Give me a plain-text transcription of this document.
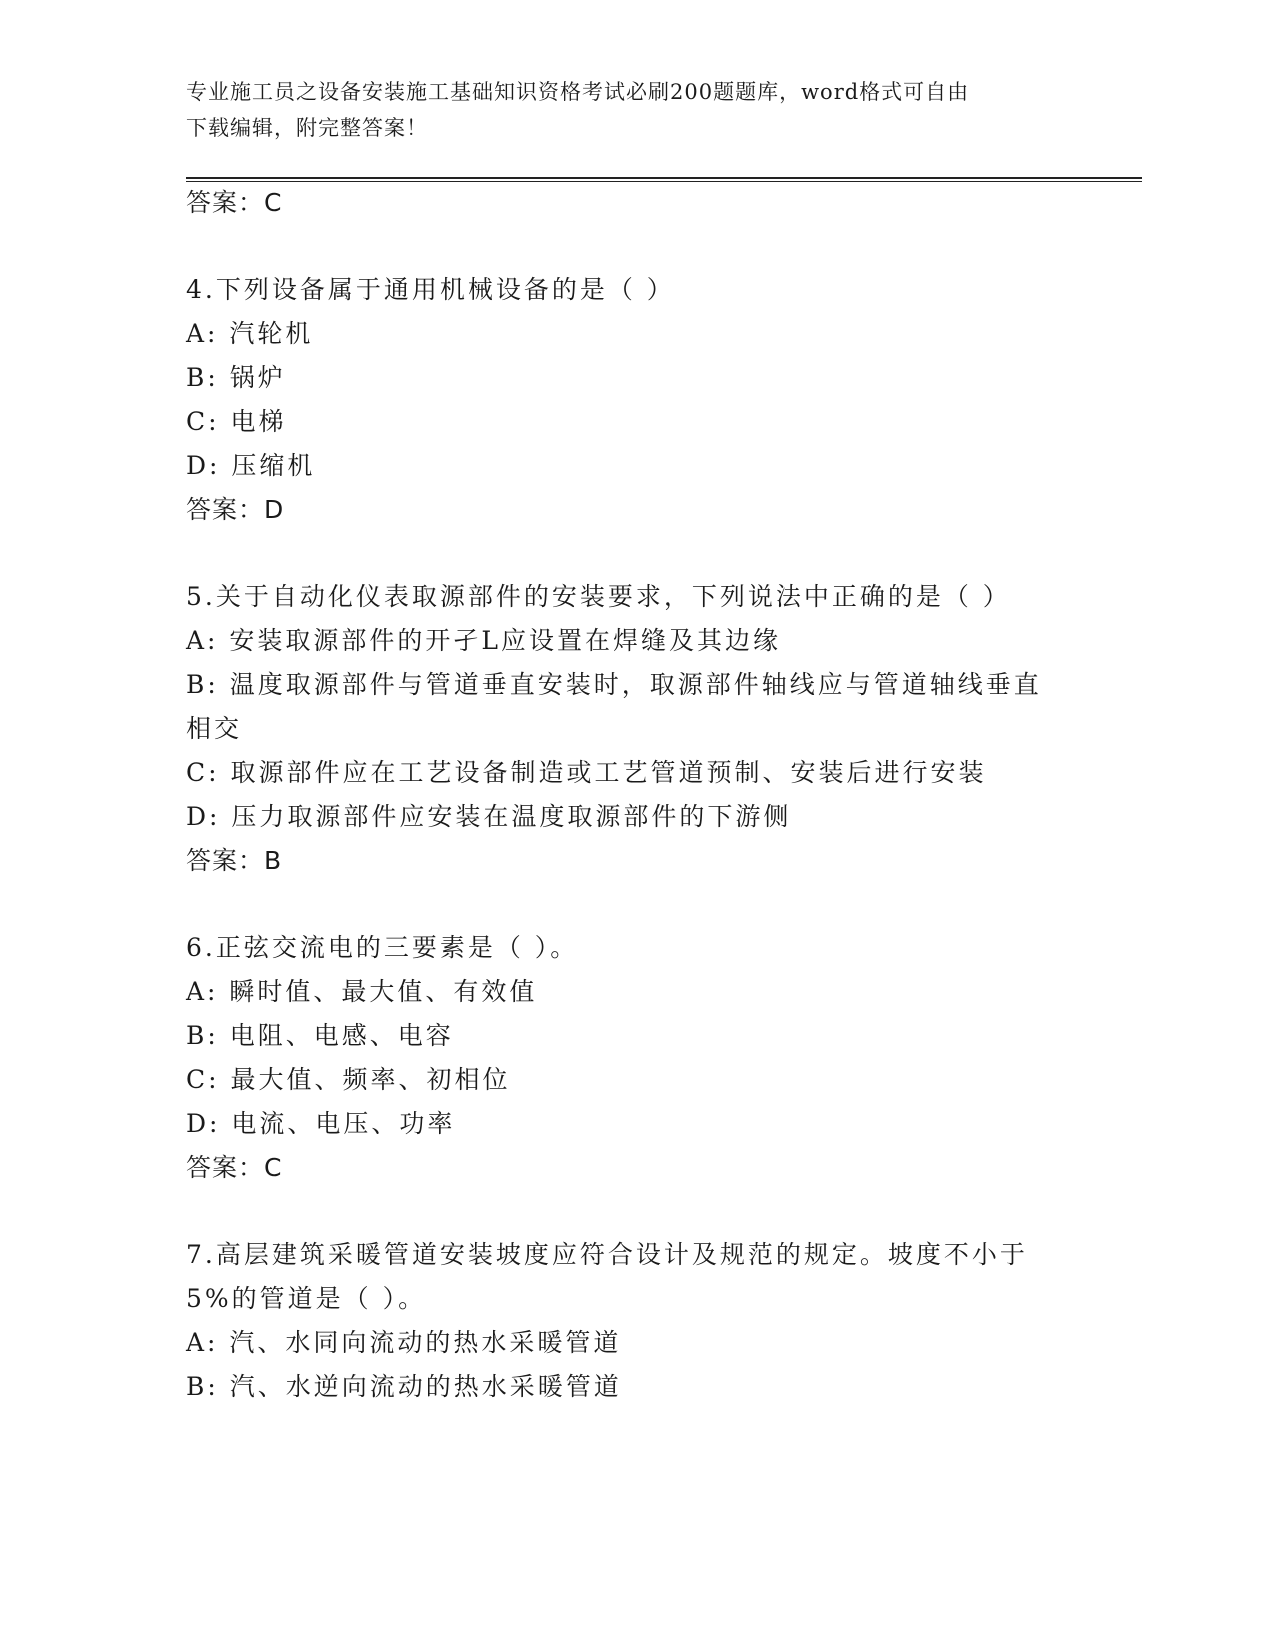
专业施工员之设备安装施工基础知识资格考试必刷200题题库，word格式可自由
下载编辑，附完整答案！
答案：C
4.下列设备属于通用机械设备的是（ ）
A: 汽轮机
B: 锅炉
C: 电梯
D: 压缩机
答案：D
5.关于自动化仪表取源部件的安装要求，下列说法中正确的是（ ）
A: 安装取源部件的开孑L应设置在焊缝及其边缘
B: 温度取源部件与管道垂直安装时，取源部件轴线应与管道轴线垂直
相交
C: 取源部件应在工艺设备制造或工艺管道预制、安装后进行安装
D: 压力取源部件应安装在温度取源部件的下游侧
答案：B
6.正弦交流电的三要素是（ ）。
A: 瞬时值、最大值、有效值
B: 电阻、电感、电容
C: 最大值、频率、初相位
D: 电流、电压、功率
答案：C
7.高层建筑采暖管道安装坡度应符合设计及规范的规定。坡度不小于
5%的管道是（ ）。
A: 汽、水同向流动的热水采暖管道
B: 汽、水逆向流动的热水采暖管道
